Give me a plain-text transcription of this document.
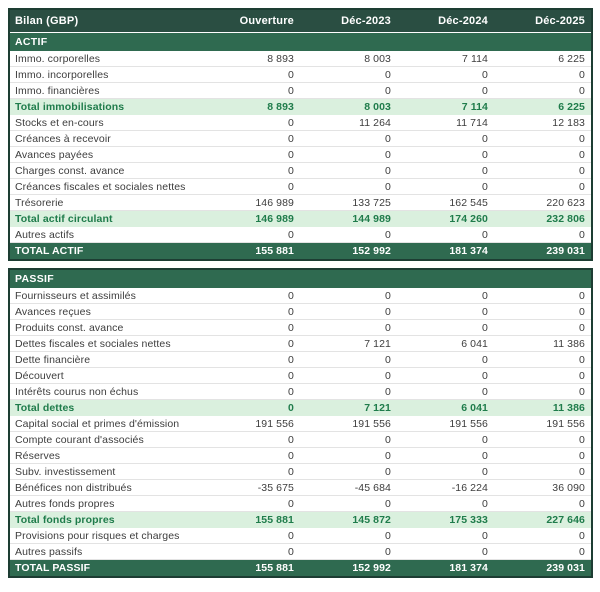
Bilan (GBP)	Ouverture	Déc-2023	Déc-2024	Déc-2025
ACTIF
Immo. corporelles	8 893	8 003	7 114	6 225
Immo. incorporelles	0	0	0	0
Immo. financières	0	0	0	0
Total immobilisations	8 893	8 003	7 114	6 225
Stocks et en-cours	0	11 264	11 714	12 183
Créances à recevoir	0	0	0	0
Avances payées	0	0	0	0
Charges const. avance	0	0	0	0
Créances fiscales et sociales nettes	0	0	0	0
Trésorerie	146 989	133 725	162 545	220 623
Total actif circulant	146 989	144 989	174 260	232 806
Autres actifs	0	0	0	0
TOTAL ACTIF	155 881	152 992	181 374	239 031
PASSIF
Fournisseurs et assimilés	0	0	0	0
Avances reçues	0	0	0	0
Produits const. avance	0	0	0	0
Dettes fiscales et sociales nettes	0	7 121	6 041	11 386
Dette financière	0	0	0	0
Découvert	0	0	0	0
Intérêts courus non échus	0	0	0	0
Total dettes	0	7 121	6 041	11 386
Capital social et primes d'émission	191 556	191 556	191 556	191 556
Compte courant d'associés	0	0	0	0
Réserves	0	0	0	0
Subv. investissement	0	0	0	0
Bénéfices non distribués	-35 675	-45 684	-16 224	36 090
Autres fonds propres	0	0	0	0
Total fonds propres	155 881	145 872	175 333	227 646
Provisions pour risques et charges	0	0	0	0
Autres passifs	0	0	0	0
TOTAL PASSIF	155 881	152 992	181 374	239 031
